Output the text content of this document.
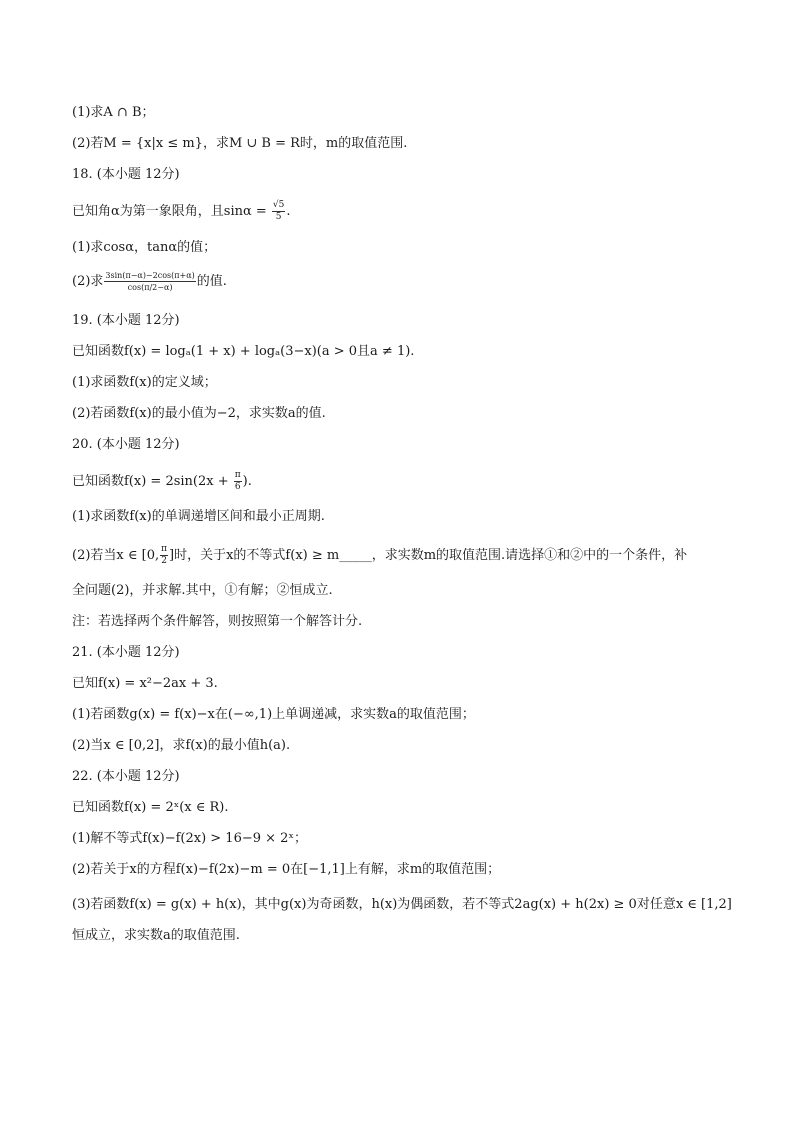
(1)求A ∩ B；
(2)若M = {x|x ≤ m}，求M ∪ B = R时，m的取值范围.
18. (本小题 12分)
已知角α为第一象限角，且$\sin\alpha = \frac{√5}{5}$ .
(1)求cosα，tanα的值；
(2)求 $\frac{3\sin(\pi-\alpha)-2\cos(\pi+\alpha)}{\cos(\pi/2-\alpha)}$ 的值.
19. (本小题 12分)
已知函数f(x) = logₐ(1 + x) + logₐ(3−x)(a > 0且a ≠ 1).
(1)求函数f(x)的定义域；
(2)若函数f(x)的最小值为−2，求实数a的值.
20. (本小题 12分)
已知函数$f(x) = 2\sin(2x + \frac{\pi}{6}$ ).
(1)求函数f(x)的单调递增区间和最小正周期.
(2)若当x ∈ [0, $\frac{\pi}{2}$ ]时，关于x的不等式f(x) ≥ m_____，求实数m的取值范围.请选择①和②中的一个条件，补
全问题(2)，并求解.其中，①有解；②恒成立.
注：若选择两个条件解答，则按照第一个解答计分.
21. (本小题 12分)
已知f(x) = x²−2ax + 3.
(1)若函数g(x) = f(x)−x在(−∞,1)上单调递减，求实数a的取值范围；
(2)当x ∈ [0,2]，求f(x)的最小值h(a).
22. (本小题 12分)
已知函数f(x) = 2ˣ(x ∈ R).
(1)解不等式f(x)−f(2x) > 16−9 × 2ˣ；
(2)若关于x的方程f(x)−f(2x)−m = 0在[−1,1]上有解，求m的取值范围；
(3)若函数f(x) = g(x) + h(x)，其中g(x)为奇函数，h(x)为偶函数，若不等式2ag(x) + h(2x) ≥ 0对任意x ∈ [1,2]
恒成立，求实数a的取值范围.
